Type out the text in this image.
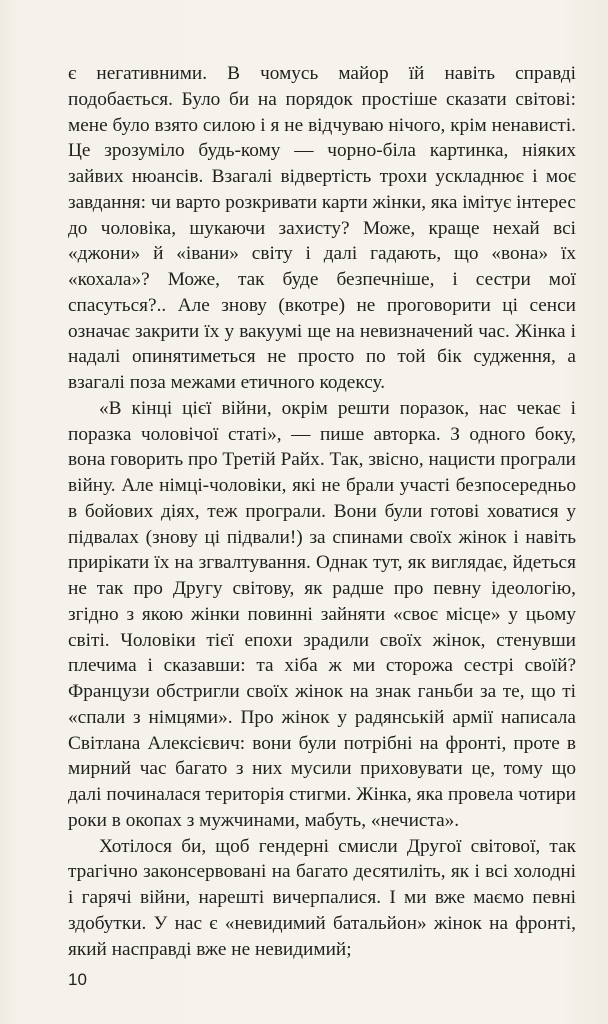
є негативними. В чомусь майор їй навіть справді подобається. Було би на порядок простіше сказати світові: мене було взято силою і я не відчуваю нічого, крім ненависті. Це зрозуміло будь-кому — чорно-біла картинка, ніяких зайвих нюансів. Взагалі відвертість трохи ускладнює і моє завдання: чи варто розкривати карти жінки, яка імітує інтерес до чоловіка, шукаючи захисту? Може, краще нехай всі «джони» й «івани» світу і далі гадають, що «вона» їх «кохала»? Може, так буде безпечніше, і сестри мої спасуться?.. Але знову (вкотре) не проговорити ці сенси означає закрити їх у вакуумі ще на невизначений час. Жінка і надалі опинятиметься не просто по той бік судження, а взагалі поза межами етичного кодексу.

«В кінці цієї війни, окрім решти поразок, нас чекає і поразка чоловічої статі», — пише авторка. З одного боку, вона говорить про Третій Райх. Так, звісно, нацисти програли війну. Але німці-чоловіки, які не брали участі безпосередньо в бойових діях, теж програли. Вони були готові ховатися у підвалах (знову ці підвали!) за спинами своїх жінок і навіть прирікати їх на згвалтування. Однак тут, як виглядає, йдеться не так про Другу світову, як радше про певну ідеологію, згідно з якою жінки повинні зайняти «своє місце» у цьому світі. Чоловіки тієї епохи зрадили своїх жінок, стенувши плечима і сказавши: та хіба ж ми сторожа сестрі своїй? Французи обстригли своїх жінок на знак ганьби за те, що ті «спали з німцями». Про жінок у радянській армії написала Світлана Алексієвич: вони були потрібні на фронті, проте в мирний час багато з них мусили приховувати це, тому що далі починалася територія стигми. Жінка, яка провела чотири роки в окопах з мужчинами, мабуть, «нечиста».

Хотілося би, щоб гендерні смисли Другої світової, так трагічно законсервовані на багато десятиліть, як і всі холодні і гарячі війни, нарешті вичерпалися. І ми вже маємо певні здобутки. У нас є «невидимий батальйон» жінок на фронті, який насправді вже не невидимий;

10
